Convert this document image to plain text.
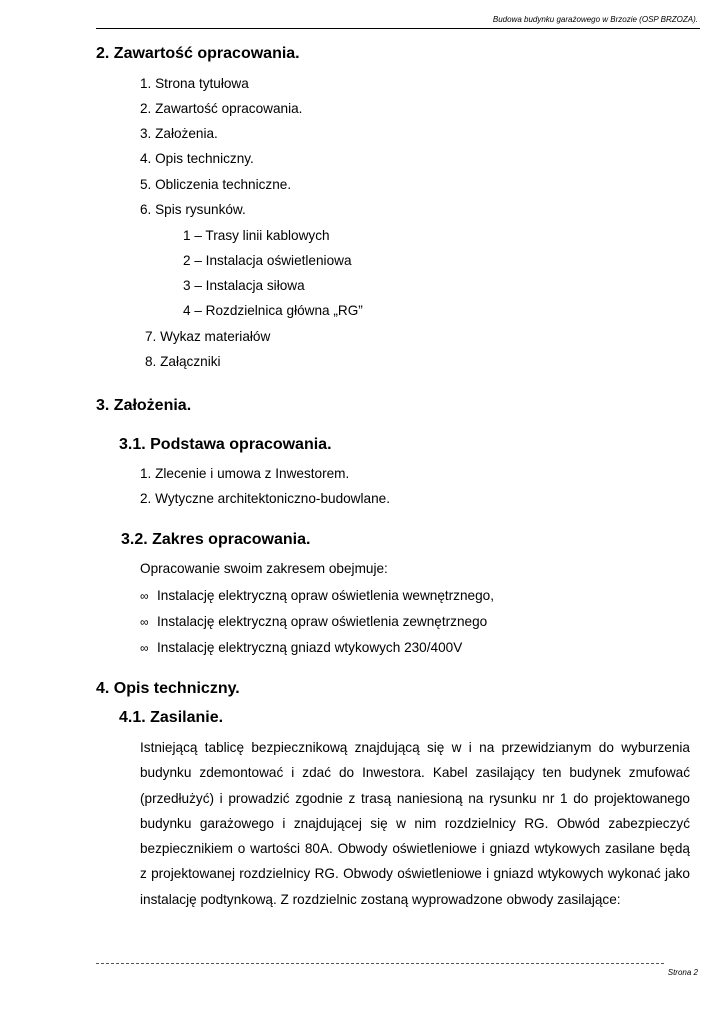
Budowa budynku garażowego w Brzozie (OSP BRZOZA).
2. Zawartość opracowania.
1. Strona tytułowa
2. Zawartość opracowania.
3. Założenia.
4. Opis techniczny.
5. Obliczenia techniczne.
6. Spis rysunków.
1 – Trasy linii kablowych
2 – Instalacja oświetleniowa
3 – Instalacja siłowa
4 – Rozdzielnica główna „RG”
7. Wykaz materiałów
8. Załączniki
3. Założenia.
3.1. Podstawa opracowania.
1. Zlecenie i umowa z Inwestorem.
2. Wytyczne architektoniczno-budowlane.
3.2. Zakres opracowania.
Opracowanie swoim zakresem obejmuje:
∞ Instalację elektryczną opraw oświetlenia wewnętrznego,
∞ Instalację elektryczną opraw oświetlenia zewnętrznego
∞ Instalację elektryczną gniazd wtykowych 230/400V
4. Opis techniczny.
4.1. Zasilanie.
Istniejącą tablicę bezpiecznikową znajdującą się w i na przewidzianym do wyburzenia budynku zdemontować i zdać do Inwestora. Kabel zasilający ten budynek zmufować (przedłużyć) i prowadzić zgodnie z trasą naniesioną na rysunku nr 1 do projektowanego budynku garażowego i znajdującej się w nim rozdzielnicy RG. Obwód zabezpieczyć bezpiecznikiem o wartości 80A. Obwody oświetleniowe i gniazd wtykowych zasilane będą z projektowanej rozdzielnicy RG. Obwody oświetleniowe i gniazd wtykowych wykonać jako instalację podtynkową. Z rozdzielnic zostaną wyprowadzone obwody zasilające:
Strona 2
